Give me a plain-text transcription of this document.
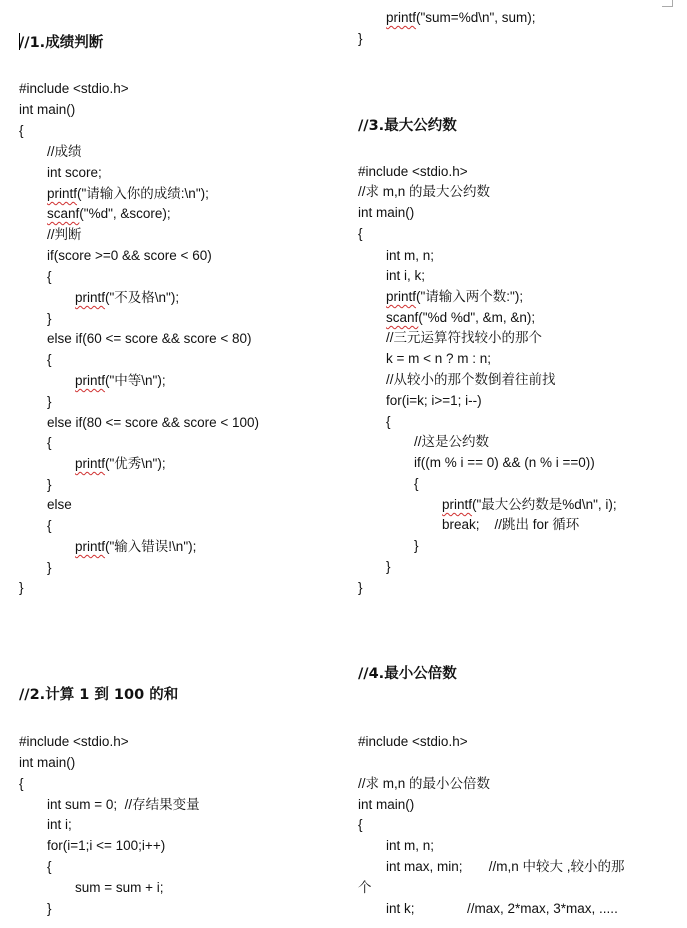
//1.成绩判断
#include <stdio.h>
int main()
{
//成绩
int score;
printf("请输入你的成绩:\n");
scanf("%d", &score);
//判断
if(score >=0 && score < 60)
{
printf("不及格\n");
}
else if(60 <= score && score < 80)
{
printf("中等\n");
}
else if(80 <= score && score < 100)
{
printf("优秀\n");
}
else
{
printf("输入错误!\n");
}
}
//2.计算 1 到 100 的和
#include <stdio.h>
int main()
{
int sum = 0;  //存结果变量
int i;
for(i=1;i <= 100;i++)
{
sum = sum + i;
}
printf("sum=%d\n", sum);
}
//3.最大公约数
#include <stdio.h>
//求 m,n 的最大公约数
int main()
{
int m, n;
int i, k;
printf("请输入两个数:");
scanf("%d %d", &m, &n);
//三元运算符找较小的那个
k = m < n ? m : n;
//从较小的那个数倒着往前找
for(i=k; i>=1; i--)
{
//这是公约数
if((m % i == 0) && (n % i ==0))
{
printf("最大公约数是%d\n", i);
break;    //跳出 for 循环
}
}
}
//4.最小公倍数
#include <stdio.h>
//求 m,n 的最小公倍数
int main()
{
int m, n;
int max, min;       //m,n 中较大 ,较小的那
个
int k;              //max, 2*max, 3*max, .....
